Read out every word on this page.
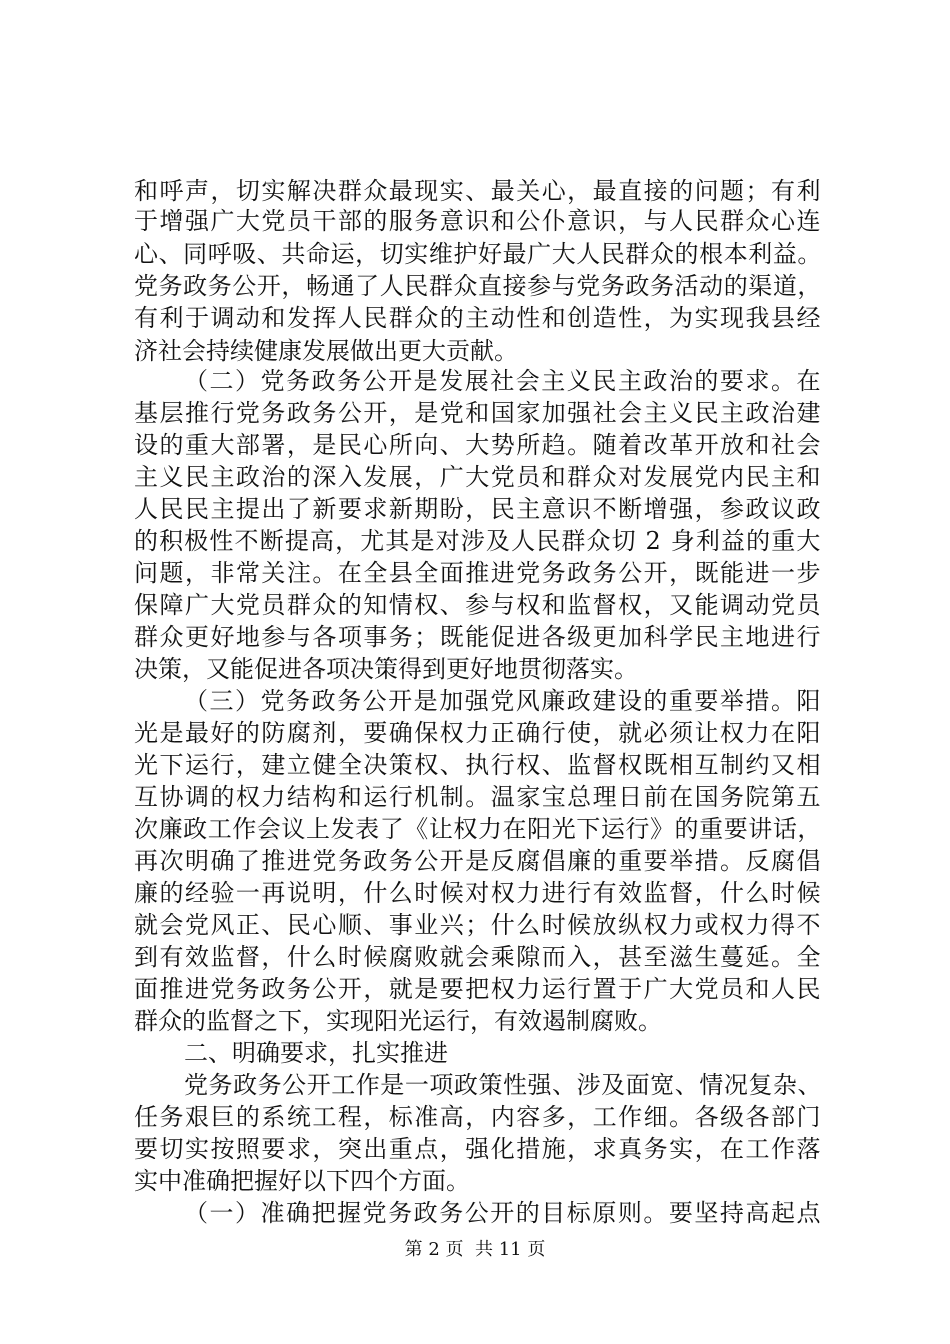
和呼声，切实解决群众最现实、最关心，最直接的问题；有利
于增强广大党员干部的服务意识和公仆意识，与人民群众心连
心、同呼吸、共命运，切实维护好最广大人民群众的根本利益。
党务政务公开，畅通了人民群众直接参与党务政务活动的渠道，
有利于调动和发挥人民群众的主动性和创造性，为实现我县经
济社会持续健康发展做出更大贡献。
（二）党务政务公开是发展社会主义民主政治的要求。在
基层推行党务政务公开，是党和国家加强社会主义民主政治建
设的重大部署，是民心所向、大势所趋。随着改革开放和社会
主义民主政治的深入发展，广大党员和群众对发展党内民主和
人民民主提出了新要求新期盼，民主意识不断增强，参政议政
的积极性不断提高，尤其是对涉及人民群众切 2 身利益的重大
问题，非常关注。在全县全面推进党务政务公开，既能进一步
保障广大党员群众的知情权、参与权和监督权，又能调动党员
群众更好地参与各项事务；既能促进各级更加科学民主地进行
决策，又能促进各项决策得到更好地贯彻落实。
（三）党务政务公开是加强党风廉政建设的重要举措。阳
光是最好的防腐剂，要确保权力正确行使，就必须让权力在阳
光下运行，建立健全决策权、执行权、监督权既相互制约又相
互协调的权力结构和运行机制。温家宝总理日前在国务院第五
次廉政工作会议上发表了《让权力在阳光下运行》的重要讲话，
再次明确了推进党务政务公开是反腐倡廉的重要举措。反腐倡
廉的经验一再说明，什么时候对权力进行有效监督，什么时候
就会党风正、民心顺、事业兴；什么时候放纵权力或权力得不
到有效监督，什么时候腐败就会乘隙而入，甚至滋生蔓延。全
面推进党务政务公开，就是要把权力运行置于广大党员和人民
群众的监督之下，实现阳光运行，有效遏制腐败。
二、明确要求，扎实推进
党务政务公开工作是一项政策性强、涉及面宽、情况复杂、
任务艰巨的系统工程，标准高，内容多，工作细。各级各部门
要切实按照要求，突出重点，强化措施，求真务实，在工作落
实中准确把握好以下四个方面。
（一）准确把握党务政务公开的目标原则。要坚持高起点
第 2 页  共 11 页
